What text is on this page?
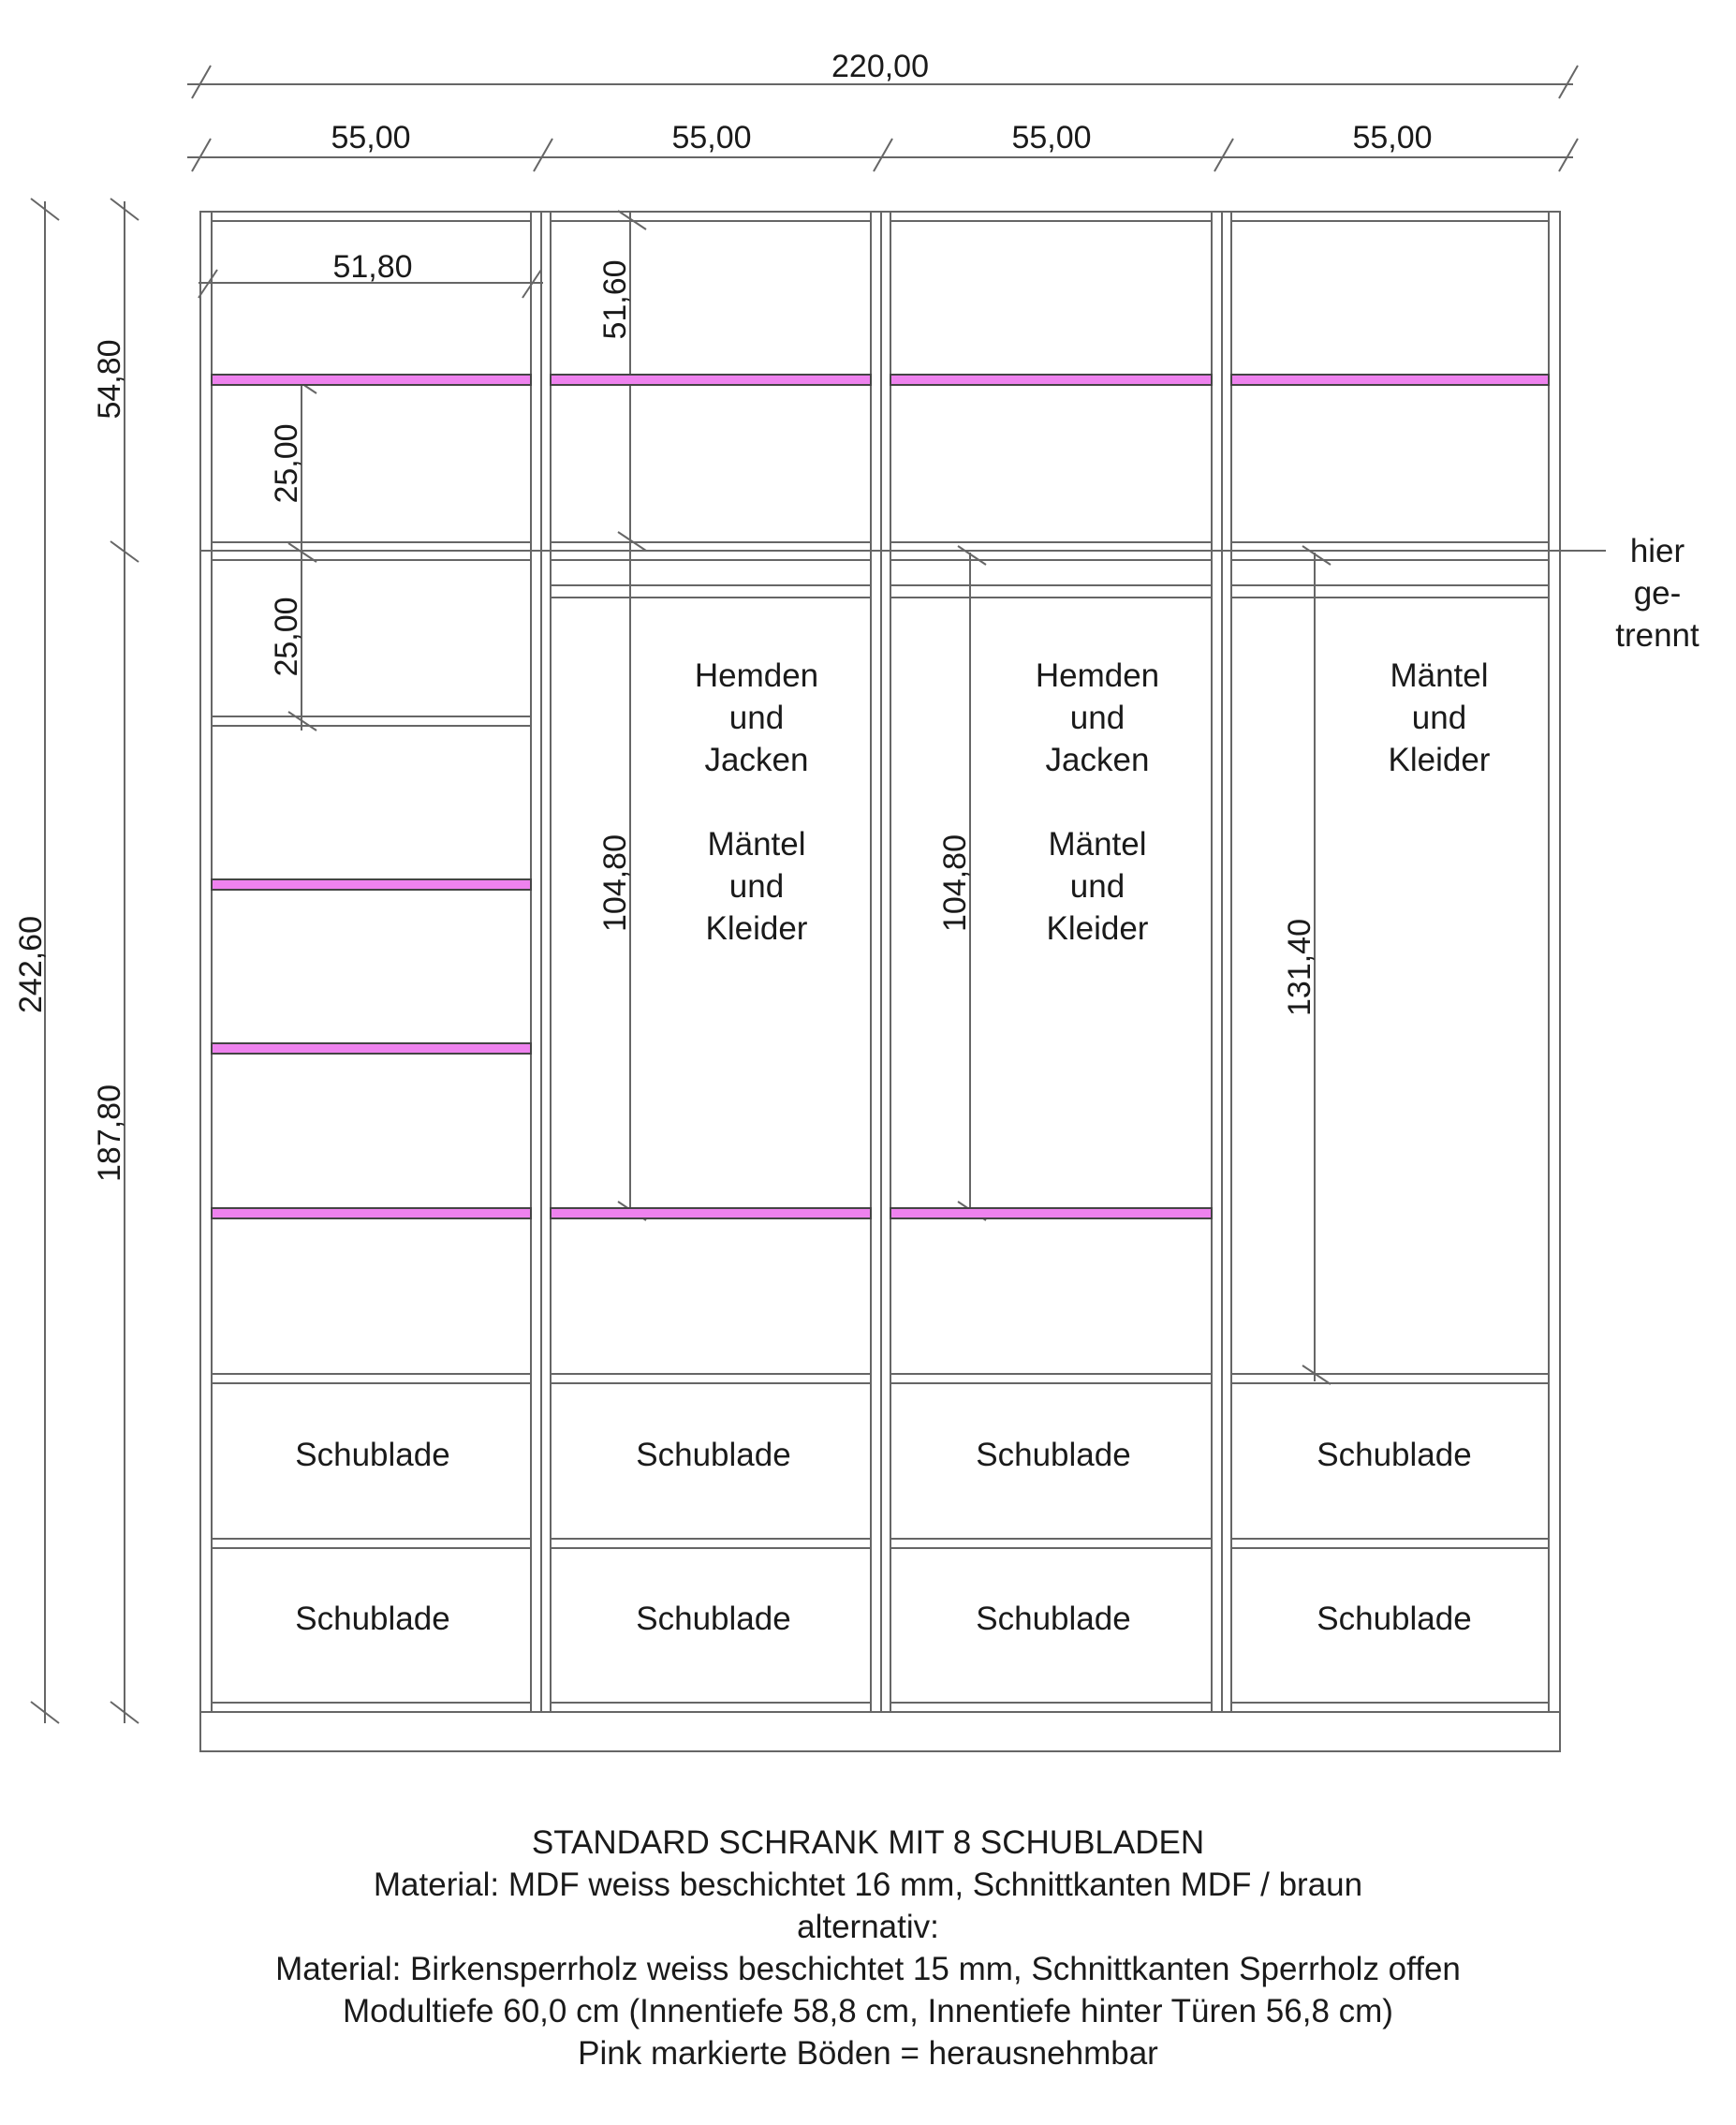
220,00
55,00	55,00	55,00	55,00
51,80	51,60
54,80
242,60
187,80
25,00
25,00
104,80	104,80
131,40
hier
ge-
trennt
Hemden
und
Jacken
Mäntel
und
Kleider
Hemden
und
Jacken
Mäntel
und
Kleider
Mäntel
und
Kleider
Schublade	Schublade	Schublade	Schublade
Schublade	Schublade	Schublade	Schublade
STANDARD SCHRANK MIT 8 SCHUBLADEN
Material: MDF weiss beschichtet 16 mm, Schnittkanten MDF / braun
alternativ:
Material: Birkensperrholz weiss beschichtet 15 mm, Schnittkanten Sperrholz offen
Modultiefe 60,0 cm (Innentiefe 58,8 cm, Innentiefe hinter Türen 56,8 cm)
Pink markierte Böden = herausnehmbar
